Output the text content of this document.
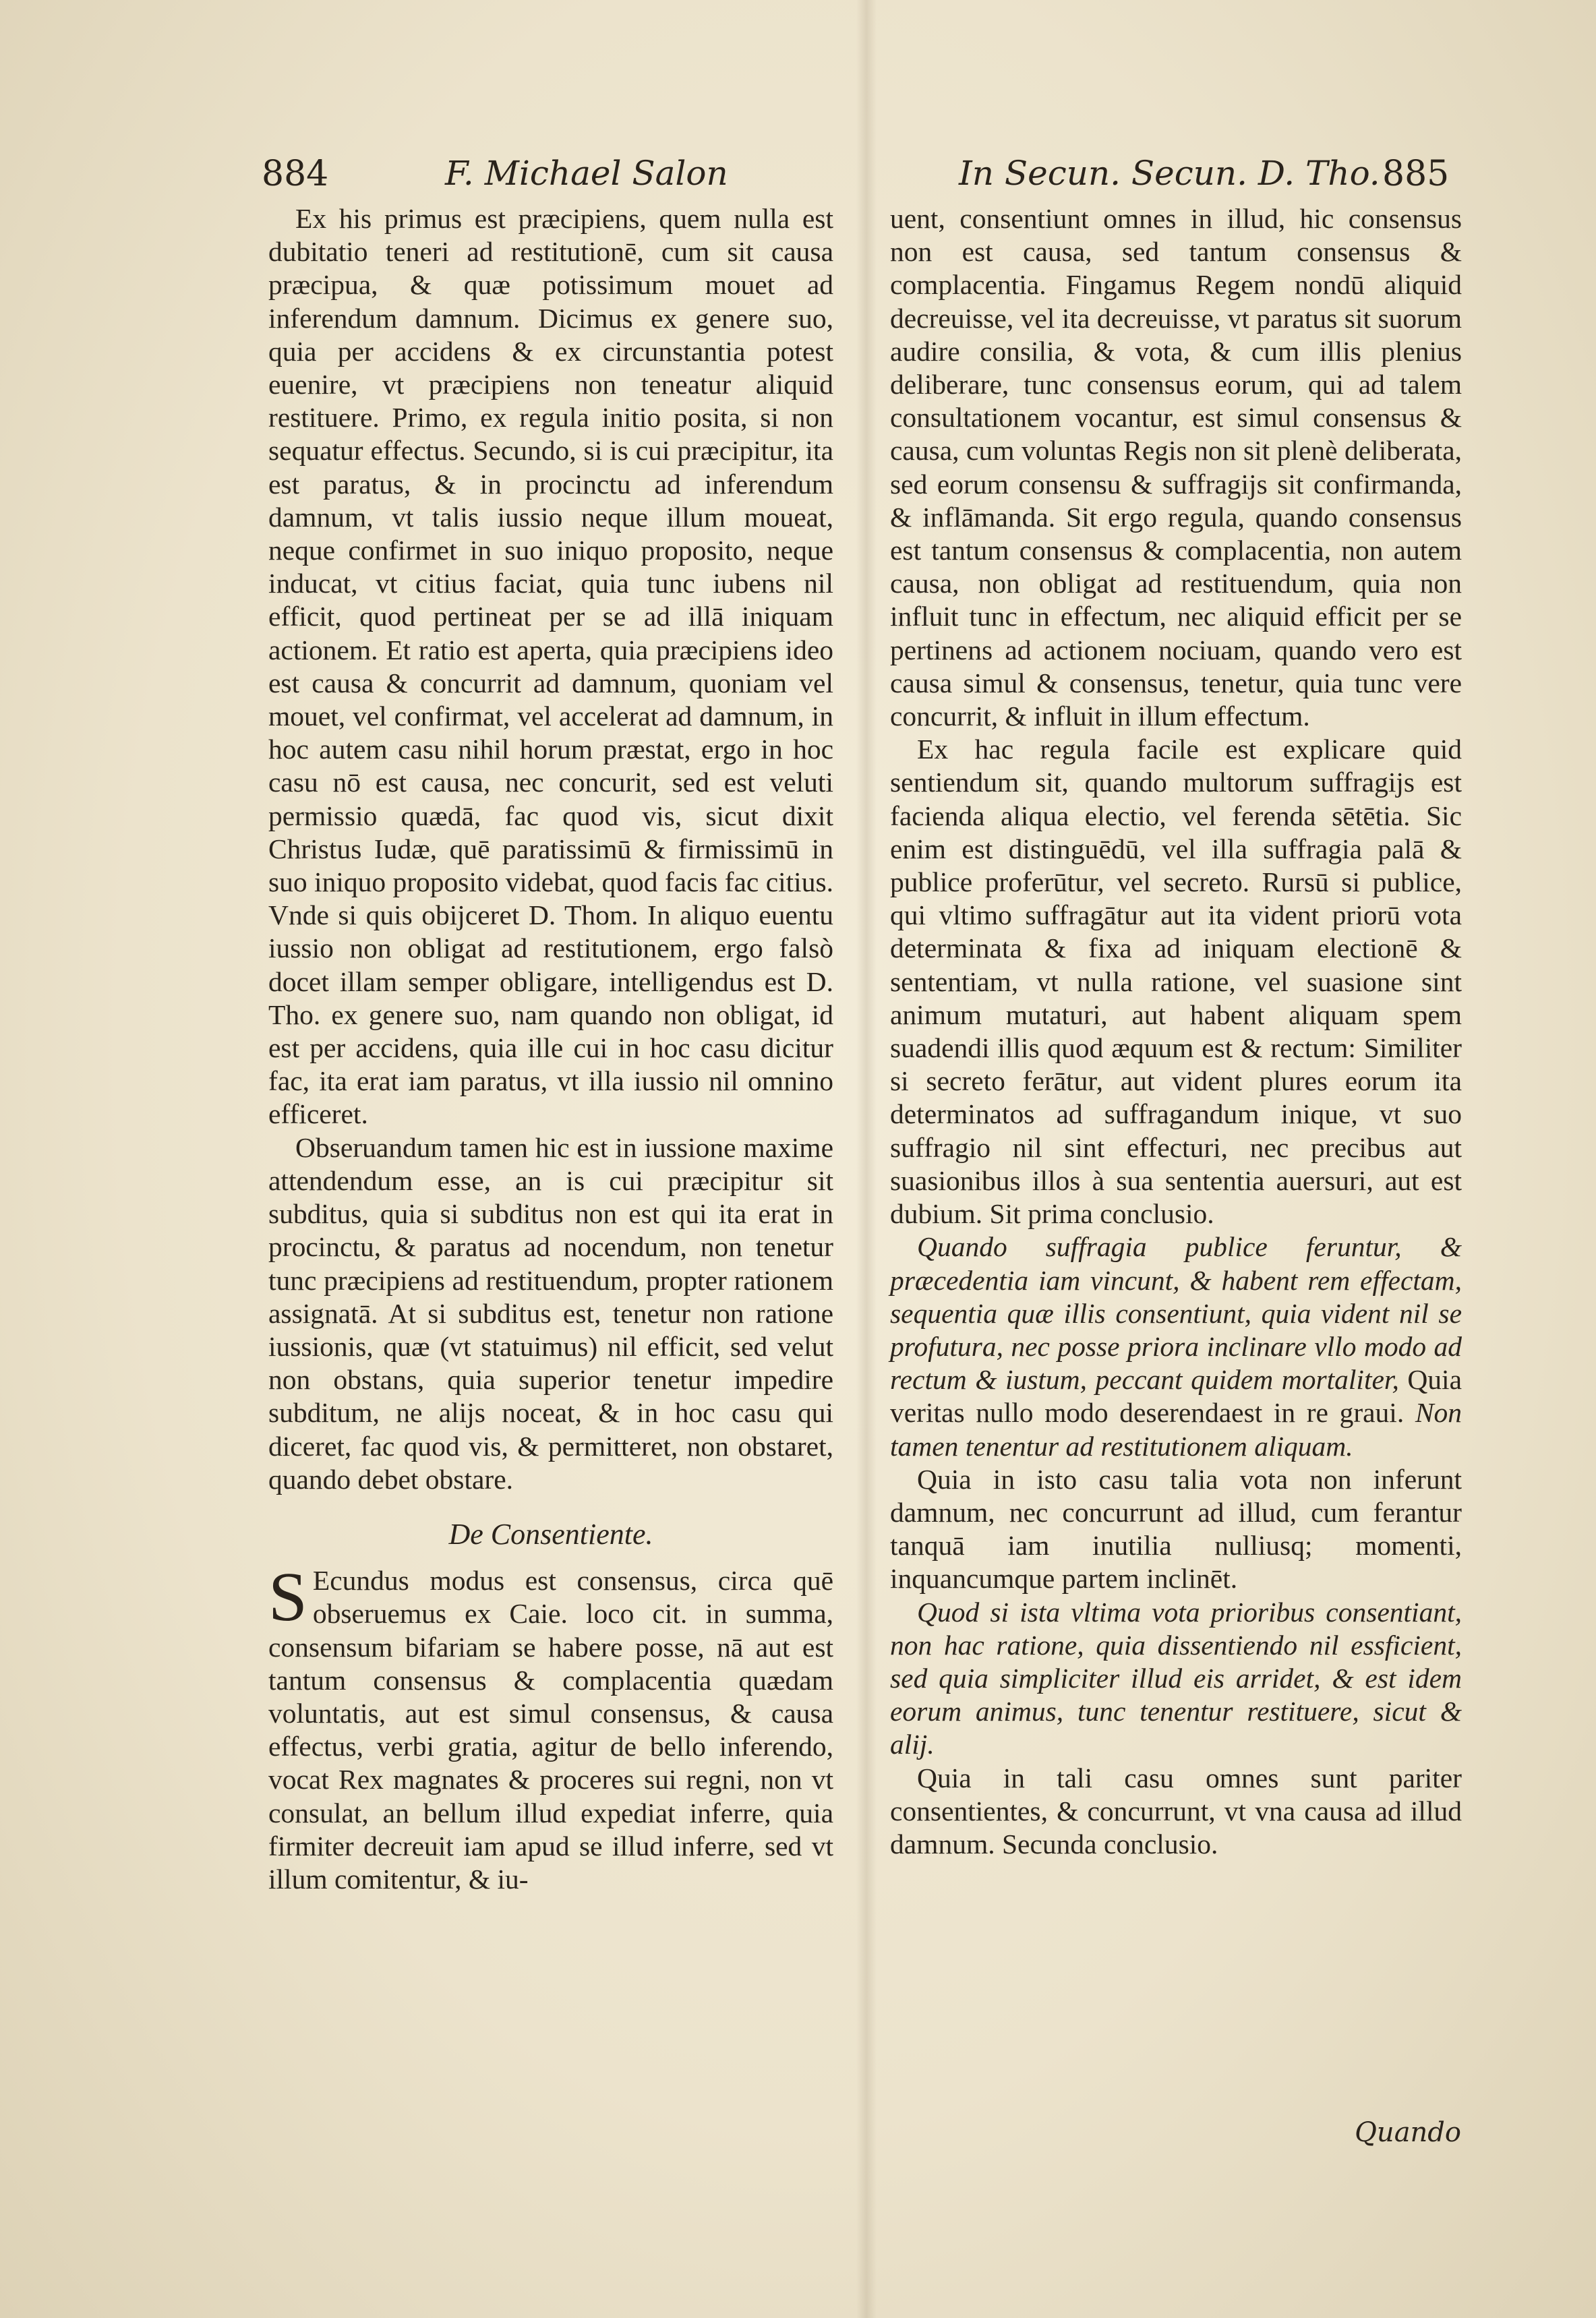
884	F. Michael Salon	In Secun. Secun. D. Tho. 885

Ex his primus est præcipiens, quem nulla est dubitatio teneri ad restitutionē, cum sit causa præcipua, & quæ potissimum mouet ad inferendum damnum. Dicimus ex genere suo, quia per accidens & ex circunstantia potest euenire, vt præcipiens non teneatur aliquid restituere. Primo, ex regula initio posita, si non sequatur effectus. Secundo, si is cui præcipitur, ita est paratus, & in procinctu ad inferendum damnum, vt talis iussio neque illum moueat, neque confirmet in suo iniquo proposito, neque inducat, vt citius faciat, quia tunc iubens nil efficit, quod pertineat per se ad illā iniquam actionem. Et ratio est aperta, quia præcipiens ideo est causa & concurrit ad damnum, quoniam vel mouet, vel confirmat, vel accelerat ad damnum, in hoc autem casu nihil horum præstat, ergo in hoc casu nō est causa, nec concurit, sed est veluti permissio quædā, fac quod vis, sicut dixit Christus Iudæ, quē paratissimū & firmissimū in suo iniquo proposito videbat, quod facis fac citius. Vnde si quis obijceret D. Thom. In aliquo euentu iussio non obligat ad restitutionem, ergo falsò docet illam semper obligare, intelligendus est D. Tho. ex genere suo, nam quando non obligat, id est per accidens, quia ille cui in hoc casu dicitur fac, ita erat iam paratus, vt illa iussio nil omnino efficeret.

Obseruandum tamen hic est in iussione maxime attendendum esse, an is cui præcipitur sit subditus, quia si subditus non est qui ita erat in procinctu, & paratus ad nocendum, non tenetur tunc præcipiens ad restituendum, propter rationem assignatā. At si subditus est, tenetur non ratione iussionis, quæ (vt statuimus) nil efficit, sed velut non obstans, quia superior tenetur impedire subditum, ne alijs noceat, & in hoc casu qui diceret, fac quod vis, & permitteret, non obstaret, quando debet obstare.

De Consentiente.

S Ecundus modus est consensus, circa quē obseruemus ex Caie. loco cit. in summa, consensum bifariam se habere posse, nā aut est tantum consensus & complacentia quædam voluntatis, aut est simul consensus, & causa effectus, verbi gratia, agitur de bello inferendo, vocat Rex magnates & proceres sui regni, non vt consulat, an bellum illud expediat inferre, quia firmiter decreuit iam apud se illud inferre, sed vt illum comitentur, & iu-

uent, consentiunt omnes in illud, hic consensus non est causa, sed tantum consensus & complacentia. Fingamus Regem nondū aliquid decreuisse, vel ita decreuisse, vt paratus sit suorum audire consilia, & vota, & cum illis plenius deliberare, tunc consensus eorum, qui ad talem consultationem vocantur, est simul consensus & causa, cum voluntas Regis non sit plenè deliberata, sed eorum consensu & suffragijs sit confirmanda, & inflāmanda. Sit ergo regula, quando consensus est tantum consensus & complacentia, non autem causa, non obligat ad restituendum, quia non influit tunc in effectum, nec aliquid efficit per se pertinens ad actionem nociuam, quando vero est causa simul & consensus, tenetur, quia tunc vere concurrit, & influit in illum effectum.

Ex hac regula facile est explicare quid sentiendum sit, quando multorum suffragijs est facienda aliqua electio, vel ferenda sētētia. Sic enim est distinguēdū, vel illa suffragia palā & publice proferūtur, vel secreto. Rursū si publice, qui vltimo suffragātur aut ita vident priorū vota determinata & fixa ad iniquam electionē & sententiam, vt nulla ratione, vel suasione sint animum mutaturi, aut habent aliquam spem suadendi illis quod æquum est & rectum: Similiter si secreto ferātur, aut vident plures eorum ita determinatos ad suffragandum inique, vt suo suffragio nil sint effecturi, nec precibus aut suasionibus illos à sua sententia auersuri, aut est dubium. Sit prima conclusio.

Quando suffragia publice feruntur, & præcedentia iam vincunt, & habent rem effectam, sequentia quæ illis consentiunt, quia vident nil se profutura, nec posse priora inclinare vllo modo ad rectum & iustum, peccant quidem mortaliter, Quia veritas nullo modo deserendaest in re graui. Non tamen tenentur ad restitutionem aliquam.

Quia in isto casu talia vota non inferunt damnum, nec concurrunt ad illud, cum ferantur tanquā iam inutilia nulliusq; momenti, inquancumque partem inclinēt.

Quod si ista vltima vota prioribus consentiant, non hac ratione, quia dissentiendo nil essficient, sed quia simpliciter illud eis arridet, & est idem eorum animus, tunc tenentur restituere, sicut & alij.

Quia in tali casu omnes sunt pariter consentientes, & concurrunt, vt vna causa ad illud damnum. Secunda conclusio.

Quando
